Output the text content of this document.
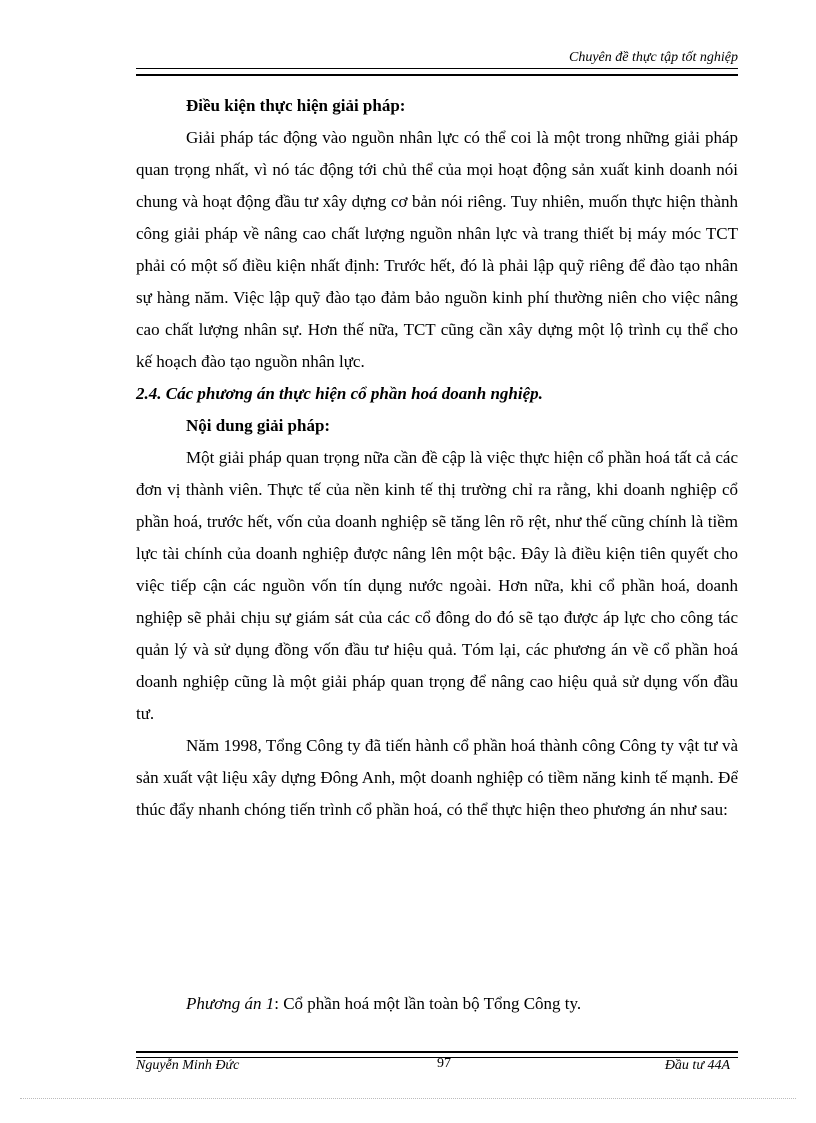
Chuyên đề thực tập tốt nghiệp

Điều kiện thực hiện giải pháp:

Giải pháp tác động vào nguồn nhân lực có thể coi là một trong những giải pháp quan trọng nhất, vì nó tác động tới chủ thể của mọi hoạt động sản xuất kinh doanh nói chung và hoạt động đầu tư xây dựng cơ bản nói riêng. Tuy nhiên, muốn thực hiện thành công giải pháp về nâng cao chất lượng nguồn nhân lực và trang thiết bị máy móc TCT phải có một số điều kiện nhất định: Trước hết, đó là phải lập quỹ riêng để đào tạo nhân sự hàng năm. Việc lập quỹ đào tạo đảm bảo nguồn kinh phí thường niên cho việc nâng cao chất lượng nhân sự. Hơn thế nữa, TCT cũng cần xây dựng một lộ trình cụ thể cho kế hoạch đào tạo nguồn nhân lực.

2.4. Các phương án thực hiện cổ phần hoá doanh nghiệp.

Nội dung giải pháp:

Một giải pháp quan trọng nữa cần đề cập là việc thực hiện cổ phần hoá tất cả các đơn vị thành viên. Thực tế của nền kinh tế thị trường chỉ ra rằng, khi doanh nghiệp cổ phần hoá, trước hết, vốn của doanh nghiệp sẽ tăng lên rõ rệt, như thế cũng chính là tiềm lực tài chính của doanh nghiệp được nâng lên một bậc. Đây là điều kiện tiên quyết cho việc tiếp cận các nguồn vốn tín dụng nước ngoài. Hơn nữa, khi cổ phần hoá, doanh nghiệp sẽ phải chịu sự giám sát của các cổ đông do đó sẽ tạo được áp lực cho công tác quản lý và sử dụng đồng vốn đầu tư hiệu quả. Tóm lại, các phương án về cổ phần hoá doanh nghiệp cũng là một giải pháp quan trọng để nâng cao hiệu quả sử dụng vốn đầu tư.

Năm 1998, Tổng Công ty đã tiến hành cổ phần hoá thành công Công ty vật tư và sản xuất vật liệu xây dựng Đông Anh, một doanh nghiệp có tiềm năng kinh tế mạnh. Để thúc đẩy nhanh chóng tiến trình cổ phần hoá, có thể thực hiện theo phương án như sau:

Phương án 1: Cổ phần hoá một lần toàn bộ Tổng Công ty.
Nguyễn Minh Đức	97	Đầu tư 44A
